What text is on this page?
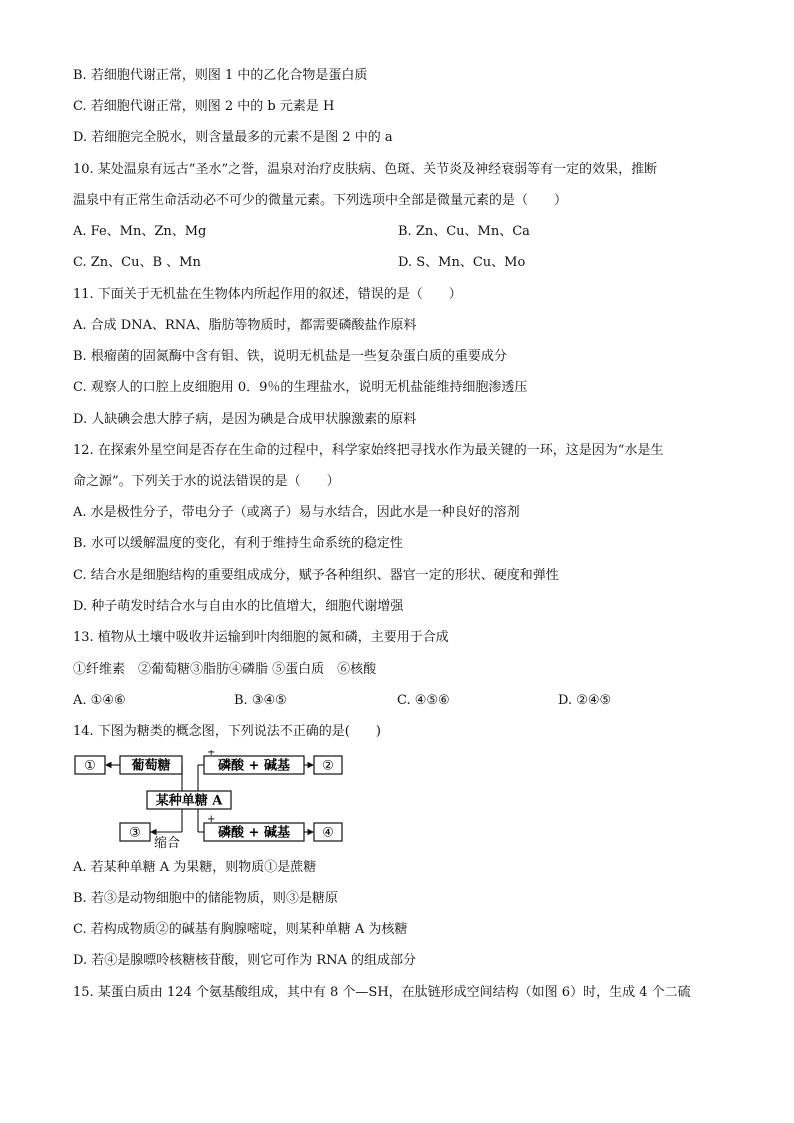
B. 若细胞代谢正常，则图 1 中的乙化合物是蛋白质
C. 若细胞代谢正常，则图 2 中的 b 元素是 H
D. 若细胞完全脱水，则含量最多的元素不是图 2 中的 a
10. 某处温泉有远古“圣水”之誉，温泉对治疗皮肤病、色斑、关节炎及神经衰弱等有一定的效果，推断
温泉中有正常生命活动必不可少的微量元素。下列选项中全部是微量元素的是（　　）
A. Fe、Mn、Zn、Mg	B. Zn、Cu、Mn、Ca
C. Zn、Cu、B 、Mn	D. S、Mn、Cu、Mo
11. 下面关于无机盐在生物体内所起作用的叙述，错误的是（　　）
A. 合成 DNA、RNA、脂肪等物质时，都需要磷酸盐作原料
B. 根瘤菌的固氮酶中含有钼、铁，说明无机盐是一些复杂蛋白质的重要成分
C. 观察人的口腔上皮细胞用 0．9％的生理盐水，说明无机盐能维持细胞渗透压
D. 人缺碘会患大脖子病，是因为碘是合成甲状腺激素的原料
12. 在探索外星空间是否存在生命的过程中，科学家始终把寻找水作为最关键的一环，这是因为“水是生
命之源”。下列关于水的说法错误的是（　　）
A. 水是极性分子，带电分子（或离子）易与水结合，因此水是一种良好的溶剂
B. 水可以缓解温度的变化，有利于维持生命系统的稳定性
C. 结合水是细胞结构的重要组成成分，赋予各种组织、器官一定的形状、硬度和弹性
D. 种子萌发时结合水与自由水的比值增大，细胞代谢增强
13. 植物从土壤中吸收并运输到叶肉细胞的氮和磷，主要用于合成
①纤维素　②葡萄糖③脂肪④磷脂 ⑤蛋白质　⑥核酸
A. ①④⑥	B. ③④⑤	C. ④⑤⑥	D. ②④⑤
14. 下图为糖类的概念图，下列说法不正确的是(　　)
①	葡萄糖	磷酸 + 碱基
+
②
某种单糖 A
③
缩合
磷酸 + 碱基
+
④
A. 若某种单糖 A 为果糖，则物质①是蔗糖
B. 若③是动物细胞中的储能物质，则③是糖原
C. 若构成物质②的碱基有胸腺嘧啶，则某种单糖 A 为核糖
D. 若④是腺嘌呤核糖核苷酸，则它可作为 RNA 的组成部分
15. 某蛋白质由 124 个氨基酸组成，其中有 8 个—SH，在肽链形成空间结构（如图 6）时，生成 4 个二硫
